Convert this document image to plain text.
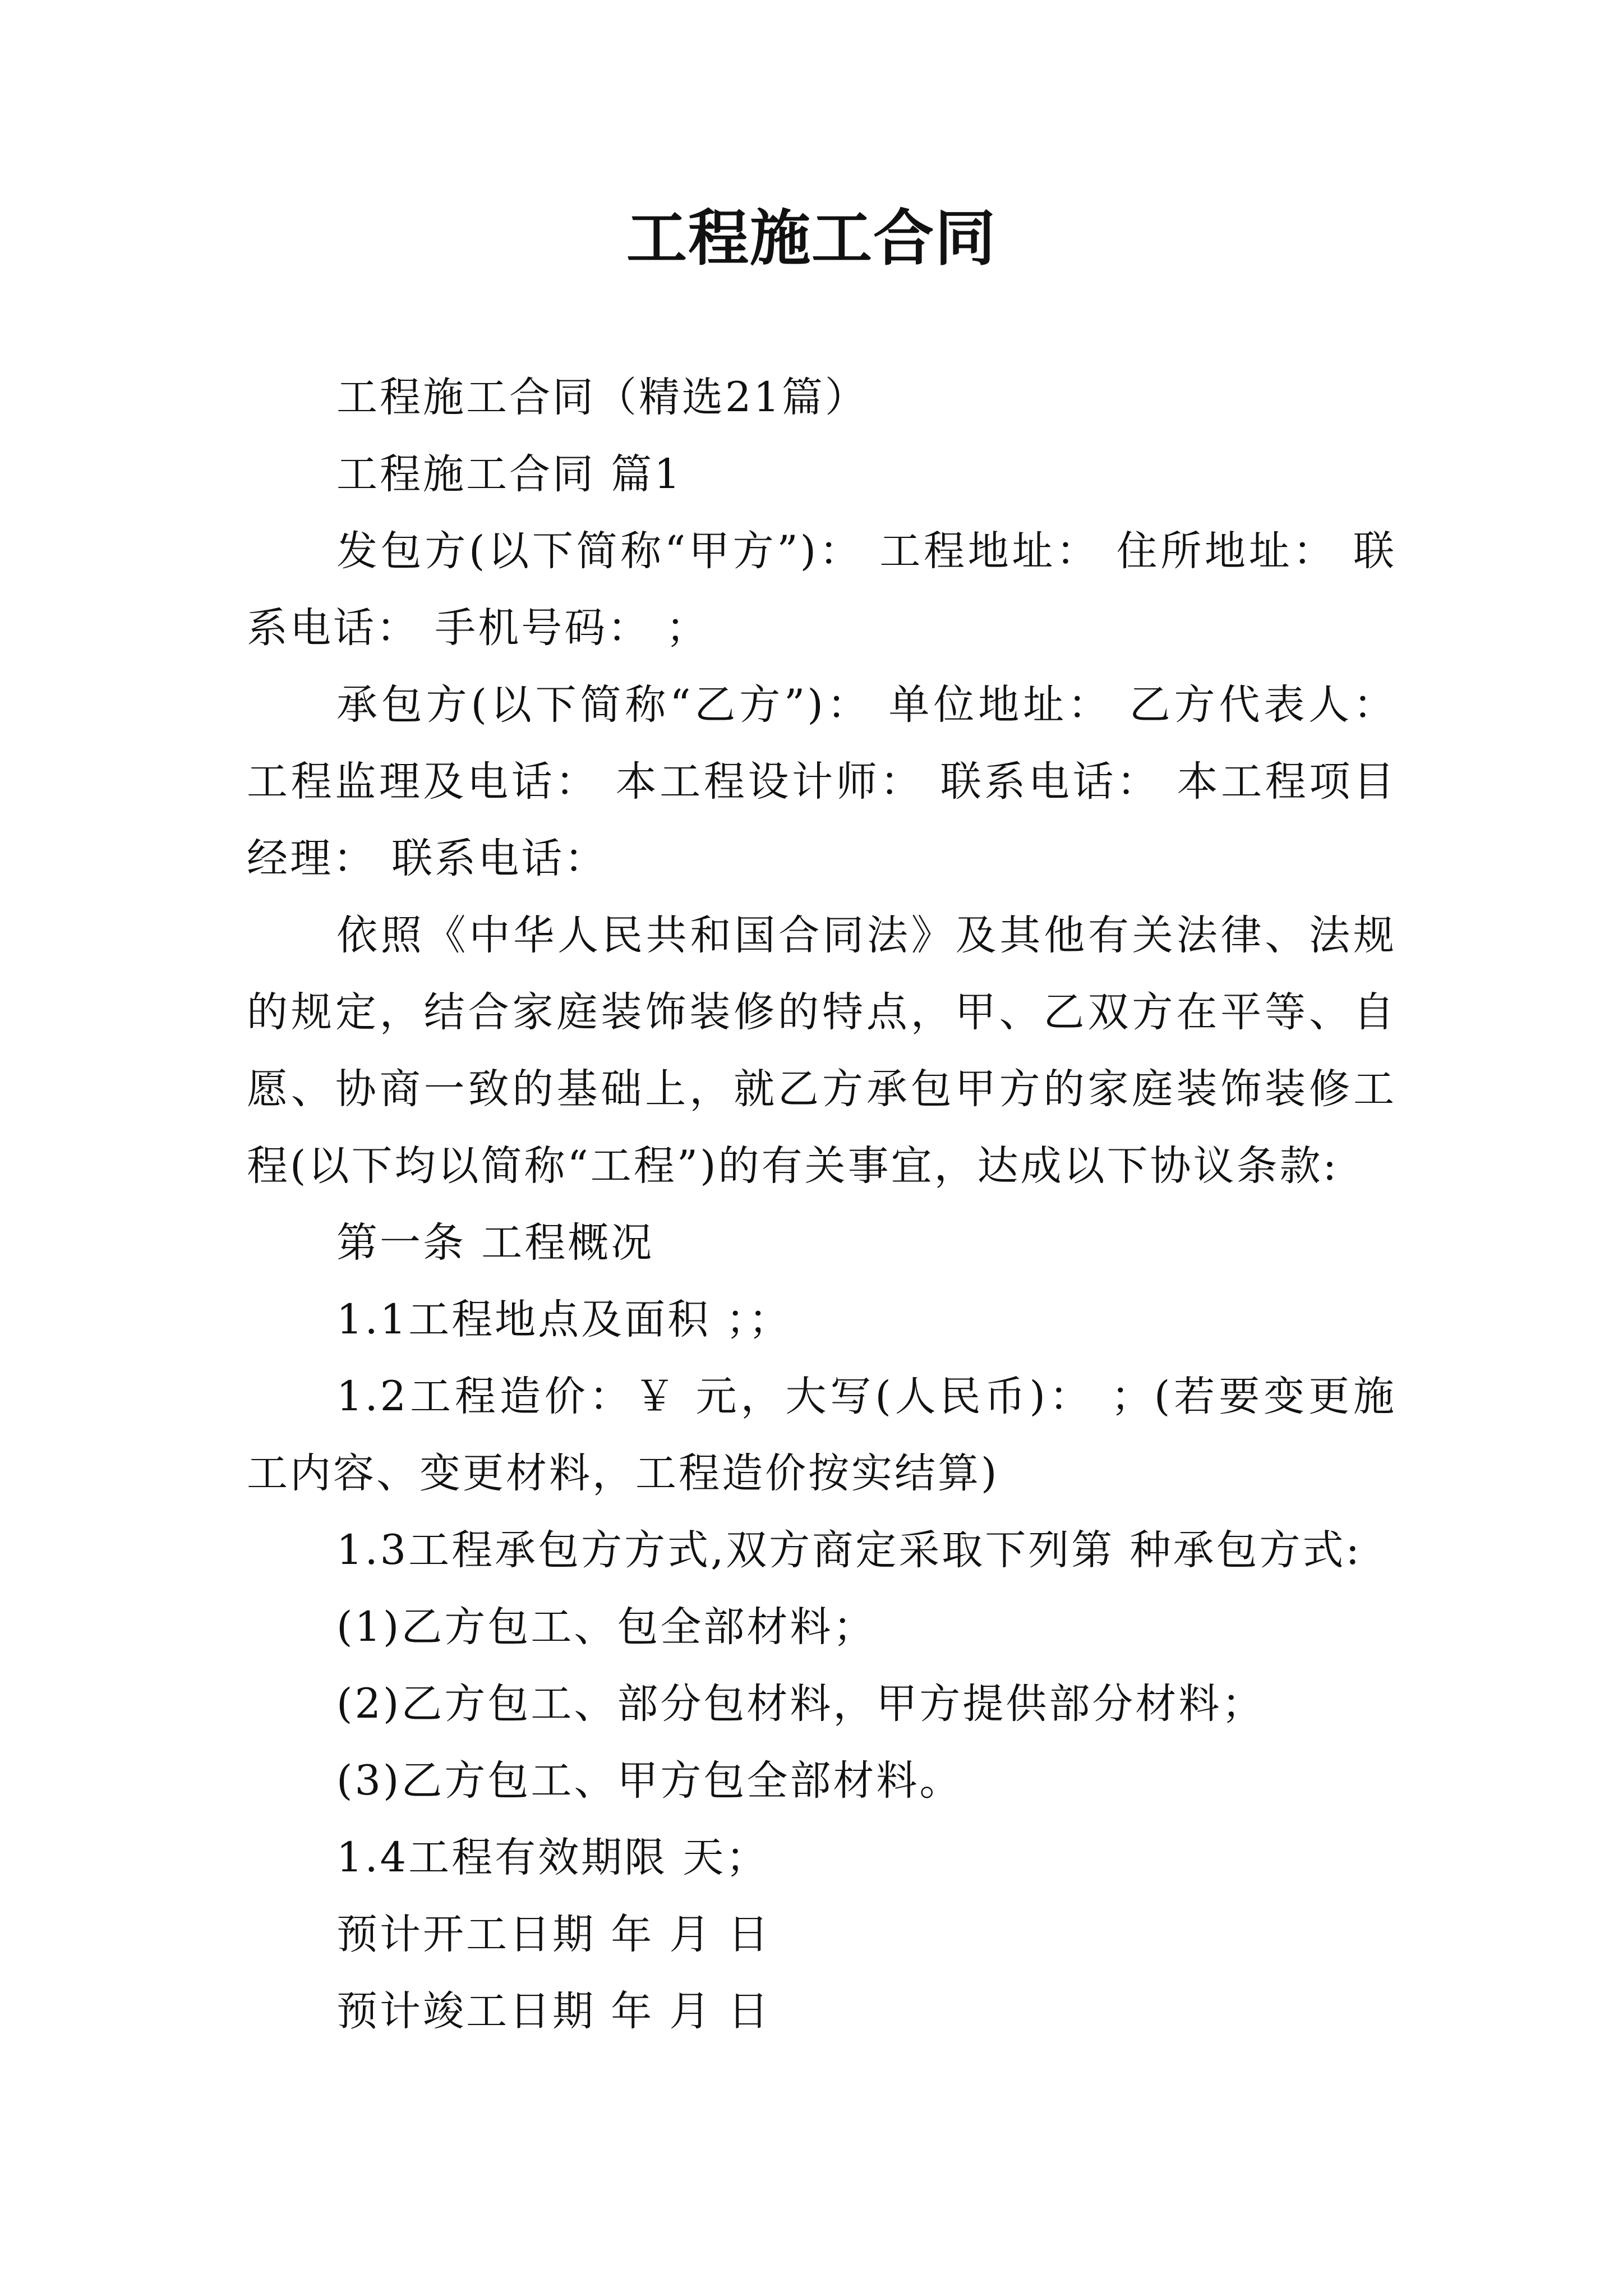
工程施工合同

工程施工合同（精选21篇）

工程施工合同 篇1

发包方(以下简称“甲方”)： 工程地址： 住所地址： 联系电话： 手机号码： ；

承包方(以下简称“乙方”)： 单位地址： 乙方代表人： 工程监理及电话： 本工程设计师： 联系电话： 本工程项目经理： 联系电话：

依照《中华人民共和国合同法》及其他有关法律、法规的规定，结合家庭装饰装修的特点，甲、乙双方在平等、自愿、协商一致的基础上，就乙方承包甲方的家庭装饰装修工程(以下均以简称“工程”)的有关事宜，达成以下协议条款:

第一条 工程概况

1.1工程地点及面积 ；；

1.2工程造价：￥ 元，大写(人民币)： ；(若要变更施工内容、变更材料，工程造价按实结算)

1.3工程承包方方式,双方商定采取下列第 种承包方式:

(1)乙方包工、包全部材料；

(2)乙方包工、部分包材料，甲方提供部分材料；

(3)乙方包工、甲方包全部材料。

1.4工程有效期限 天；

预计开工日期 年 月 日

预计竣工日期 年 月 日
